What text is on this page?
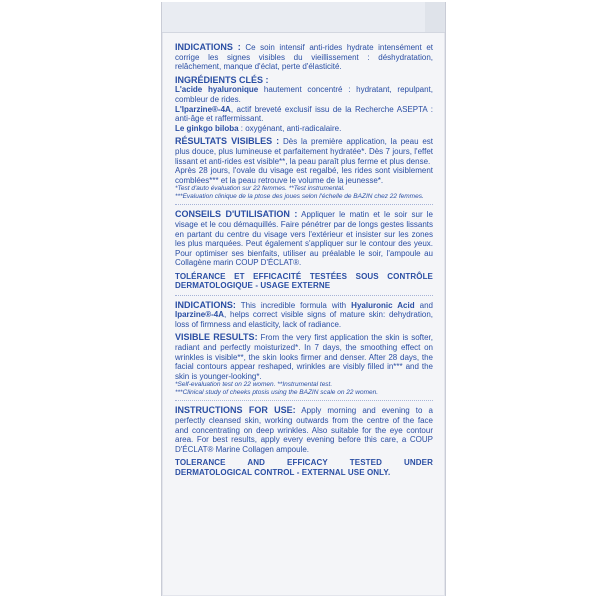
INDICATIONS : Ce soin intensif anti-rides hydrate intensément et corrige les signes visibles du vieillissement : déshydratation, relâchement, manque d'éclat, perte d'élasticité.

INGRÉDIENTS CLÉS :
L'acide hyaluronique hautement concentré : hydratant, repulpant, combleur de rides.
L'Iparzine®-4A, actif breveté exclusif issu de la Recherche ASEPTA : anti-âge et raffermissant.
Le ginkgo biloba : oxygénant, anti-radicalaire.

RÉSULTATS VISIBLES : Dès la première application, la peau est plus douce, plus lumineuse et parfaitement hydratée*. Dès 7 jours, l'effet lissant et anti-rides est visible**, la peau paraît plus ferme et plus dense.
Après 28 jours, l'ovale du visage est regalbé, les rides sont visiblement comblées*** et la peau retrouve le volume de la jeunesse*.
*Test d'auto évaluation sur 22 femmes. **Test instrumental.
***Evaluation clinique de la ptose des joues selon l'échelle de BAZIN chez 22 femmes.

CONSEILS D'UTILISATION : Appliquer le matin et le soir sur le visage et le cou démaquillés. Faire pénétrer par de longs gestes lissants en partant du centre du visage vers l'extérieur et insister sur les zones les plus marquées. Peut également s'appliquer sur le contour des yeux. Pour optimiser ses bienfaits, utiliser au préalable le soir, l'ampoule au Collagène marin COUP D'ÉCLAT®.

TOLÉRANCE ET EFFICACITÉ TESTÉES SOUS CONTRÔLE DERMATOLOGIQUE - USAGE EXTERNE

INDICATIONS: This incredible formula with Hyaluronic Acid and Iparzine®-4A, helps correct visible signs of mature skin: dehydration, loss of firmness and elasticity, lack of radiance.

VISIBLE RESULTS: From the very first application the skin is softer, radiant and perfectly moisturized*. In 7 days, the smoothing effect on wrinkles is visible**, the skin looks firmer and denser. After 28 days, the facial contours appear reshaped, wrinkles are visibly filled in*** and the skin is younger-looking*.
*Self-evaluation test on 22 women. **Instrumental test.
***Clinical study of cheeks ptosis using the BAZIN scale on 22 women.

INSTRUCTIONS FOR USE: Apply morning and evening to a perfectly cleansed skin, working outwards from the centre of the face and concentrating on deep wrinkles. Also suitable for the eye contour area. For best results, apply every evening before this care, a COUP D'ÉCLAT® Marine Collagen ampoule.

TOLERANCE AND EFFICACY TESTED UNDER DERMATOLOGICAL CONTROL - EXTERNAL USE ONLY.
